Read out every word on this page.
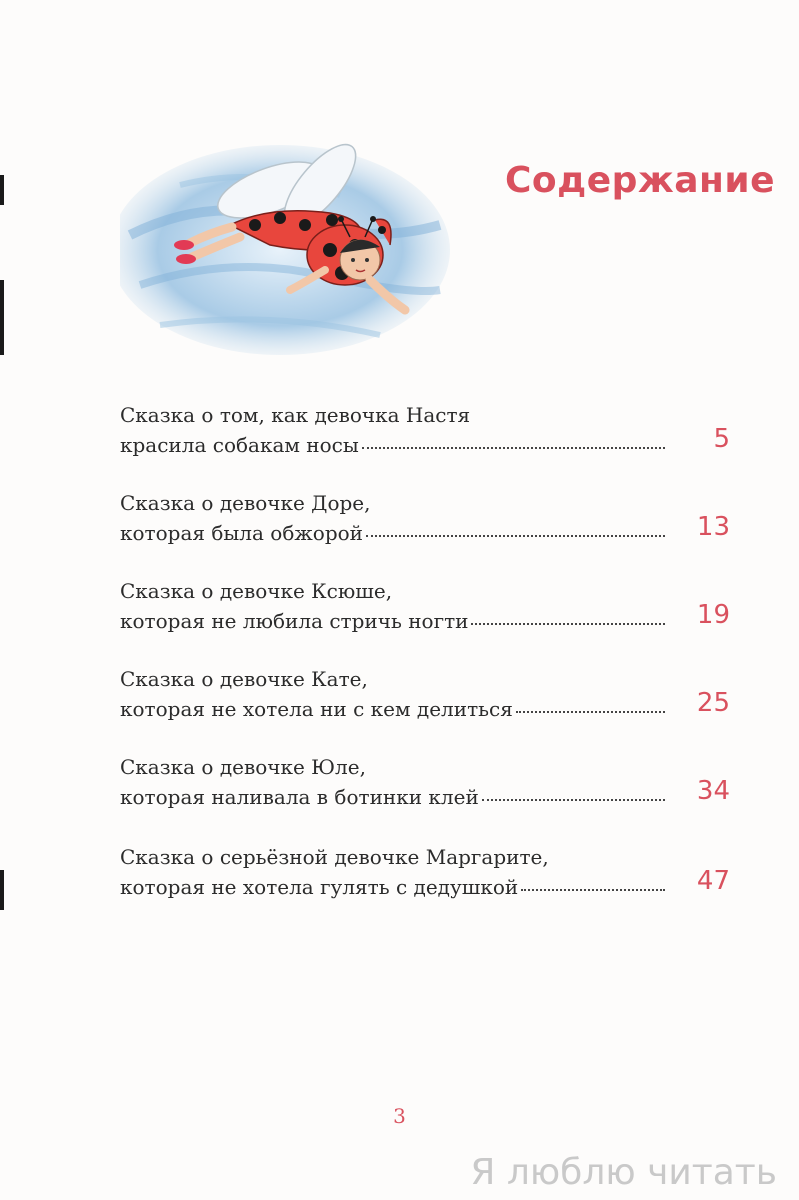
Содержание
Сказка о том, как девочка Настя
красила собакам носы	5
Сказка о девочке Доре,
которая была обжорой	13
Сказка о девочке Ксюше,
которая не любила стричь ногти	19
Сказка о девочке Кате,
которая не хотела ни с кем делиться	25
Сказка о девочке Юле,
которая наливала в ботинки клей	34
Сказка о серьёзной девочке Маргарите,
которая не хотела гулять с дедушкой	47
3
Я люблю читать
